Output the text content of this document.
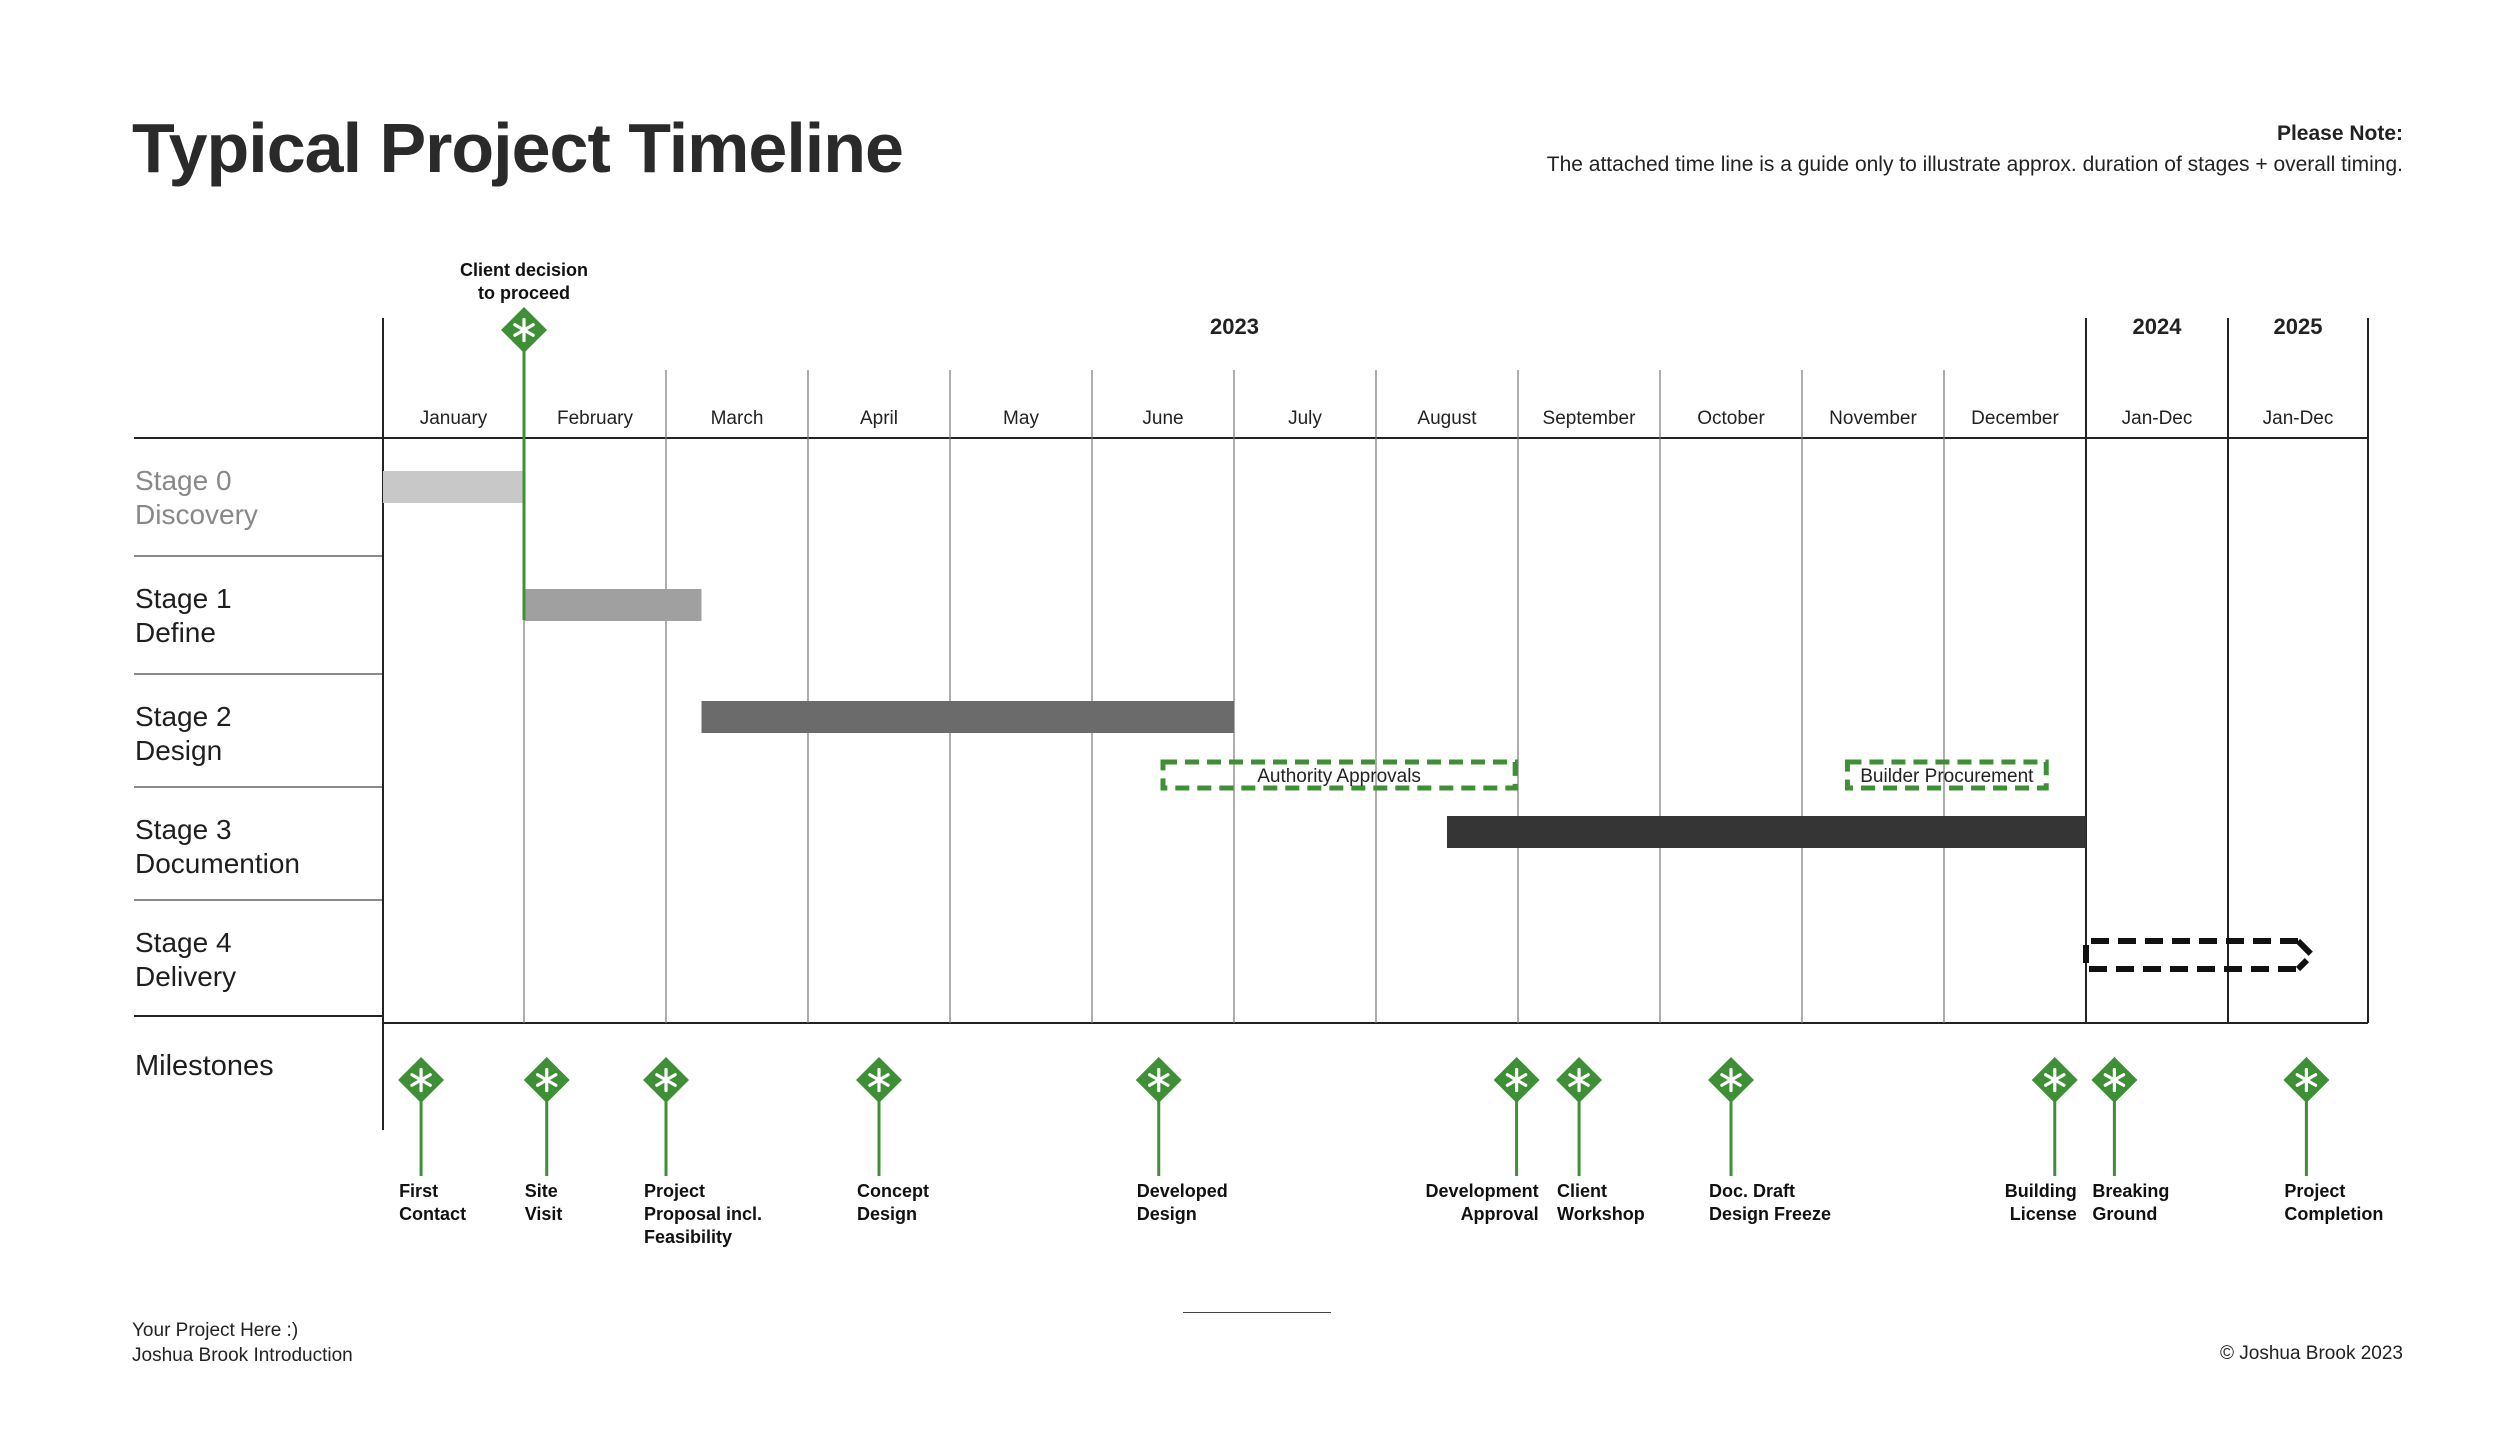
Typical Project Timeline	Please Note:
The attached time line is a guide only to illustrate approx. duration of stages + overall timing.
2023	2024	2025
January	February	March	April	May	June	July	August	September	October	November	December	Jan-Dec	Jan-Dec
Stage 0
Discovery
Stage 1
Define
Stage 2
Design
Stage 3
Documention
Stage 4
Delivery
Milestones
Authority Approvals	Builder Procurement
Client decision
to proceed
First
Contact
Site
Visit
Project
Proposal incl.
Feasibility
Concept
Design
Developed
Design
Development
Approval
Client
Workshop
Doc. Draft
Design Freeze
Building
License
Breaking
Ground
Project
Completion
Your Project Here :)
Joshua Brook Introduction	© Joshua Brook 2023
